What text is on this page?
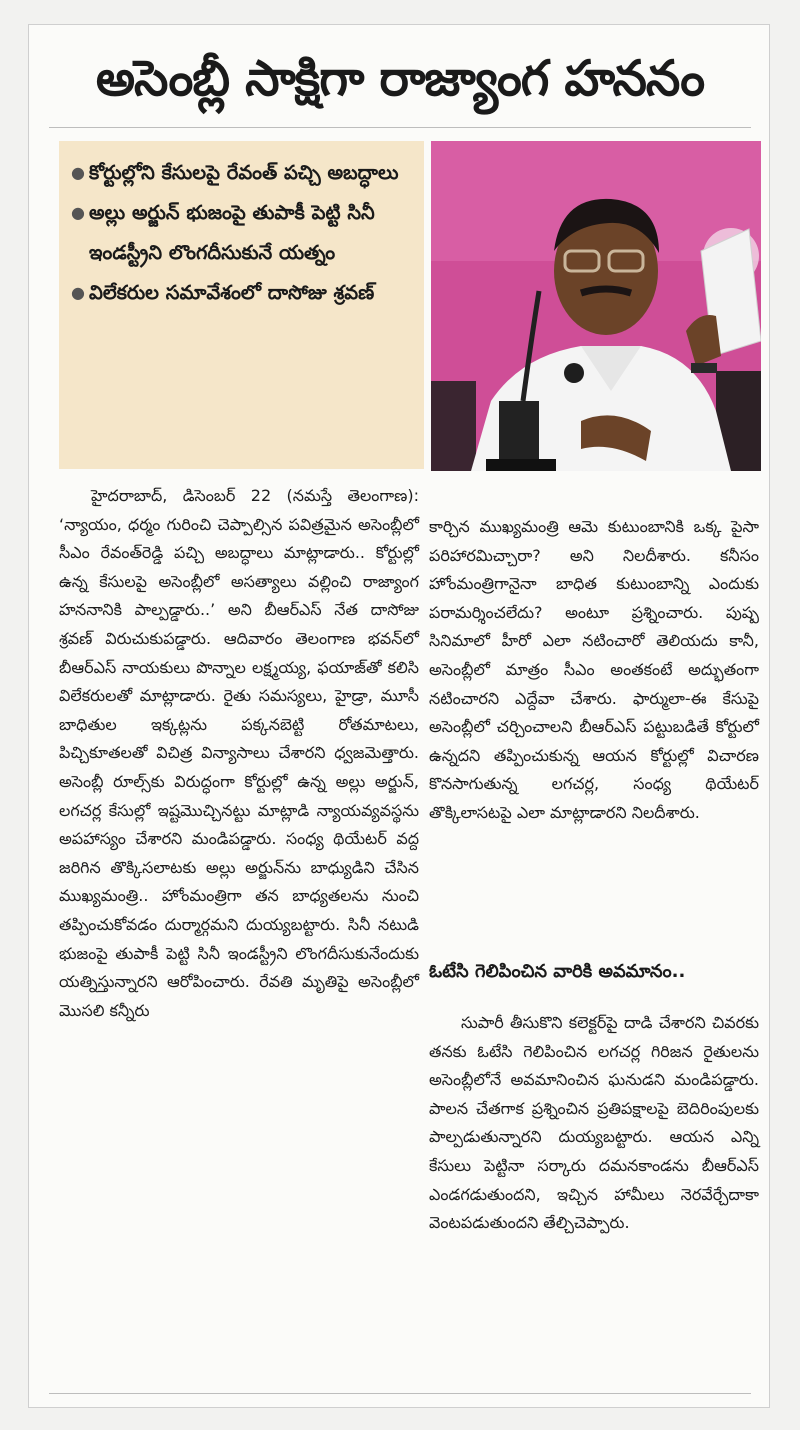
అసెంబ్లీ సాక్షిగా రాజ్యాంగ హననం
● కోర్టుల్లోని కేసులపై రేవంత్ పచ్చి అబద్ధాలు
● అల్లు అర్జున్ భుజంపై తుపాకీ పెట్టి సినీ ఇండస్ట్రీని లొంగదీసుకునే యత్నం
● విలేకరుల సమావేశంలో దాసోజు శ్రవణ్

హైదరాబాద్, డిసెంబర్ 22 (నమస్తే తెలంగాణ): ‘న్యాయం, ధర్మం గురించి చెప్పాల్సిన పవిత్రమైన అసెంబ్లీలో సీఎం రేవంత్‌రెడ్డి పచ్చి అబద్ధాలు మాట్లాడారు.. కోర్టుల్లో ఉన్న కేసులపై అసెంబ్లీలో అసత్యాలు వల్లించి రాజ్యాంగ హననానికి పాల్పడ్డారు..’ అని బీఆర్‌ఎస్ నేత దాసోజు శ్రవణ్ విరుచుకుపడ్డారు. ఆదివారం తెలంగాణ భవన్‌లో బీఆర్‌ఎస్ నాయకులు పొన్నాల లక్ష్మయ్య, ఫయాజ్‌తో కలిసి విలేకరులతో మాట్లాడారు. రైతు సమస్యలు, హైడ్రా, మూసీ బాధితుల ఇక్కట్లను పక్కనబెట్టి రోతమాటలు, పిచ్చికూతలతో విచిత్ర విన్యాసాలు చేశారని ధ్వజమెత్తారు. అసెంబ్లీ రూల్స్‌కు విరుద్ధంగా కోర్టుల్లో ఉన్న అల్లు అర్జున్, లగచర్ల కేసుల్లో ఇష్టమొచ్చినట్టు మాట్లాడి న్యాయవ్యవస్థను అపహాస్యం చేశారని మండిపడ్డారు. సంధ్య థియేటర్ వద్ద జరిగిన తొక్కిసలాటకు అల్లు అర్జున్‌ను బాధ్యుడిని చేసిన ముఖ్యమంత్రి.. హోంమంత్రిగా తన బాధ్యతలను నుంచి తప్పించుకోవడం దుర్మార్గమని దుయ్యబట్టారు. సినీ నటుడి భుజంపై తుపాకీ పెట్టి సినీ ఇండస్ట్రీని లొంగదీసుకునేందుకు యత్నిస్తున్నారని ఆరోపించారు. రేవతి మృతిపై అసెంబ్లీలో మొసలి కన్నీరు

కార్చిన ముఖ్యమంత్రి ఆమె కుటుంబానికి ఒక్క పైసా పరిహారమిచ్చారా? అని నిలదీశారు. కనీసం హోంమంత్రిగానైనా బాధిత కుటుంబాన్ని ఎందుకు పరామర్శించలేదు? అంటూ ప్రశ్నించారు. పుష్ప సినిమాలో హీరో ఎలా నటించారో తెలియదు కానీ, అసెంబ్లీలో మాత్రం సీఎం అంతకంటే అద్భుతంగా నటించారని ఎద్దేవా చేశారు. ఫార్ములా-ఈ కేసుపై అసెంబ్లీలో చర్చించాలని బీఆర్‌ఎస్ పట్టుబడితే కోర్టులో ఉన్నదని తప్పించుకున్న ఆయన కోర్టుల్లో విచారణ కొనసాగుతున్న లగచర్ల, సంధ్య థియేటర్ తొక్కిలాసటపై ఎలా మాట్లాడారని నిలదీశారు.

ఓటేసి గెలిపించిన వారికి అవమానం..

సుపారీ తీసుకొని కలెక్టర్‌పై దాడి చేశారని చివరకు తనకు ఓటేసి గెలిపించిన లగచర్ల గిరిజన రైతులను అసెంబ్లీలోనే అవమానించిన ఘనుడని మండిపడ్డారు. పాలన చేతగాక ప్రశ్నించిన ప్రతిపక్షాలపై బెదిరింపులకు పాల్పడుతున్నారని దుయ్యబట్టారు. ఆయన ఎన్ని కేసులు పెట్టినా సర్కారు దమనకాండను బీఆర్‌ఎస్ ఎండగడుతుందని, ఇచ్చిన హామీలు నెరవేర్చేదాకా వెంటపడుతుందని తేల్చిచెప్పారు.
